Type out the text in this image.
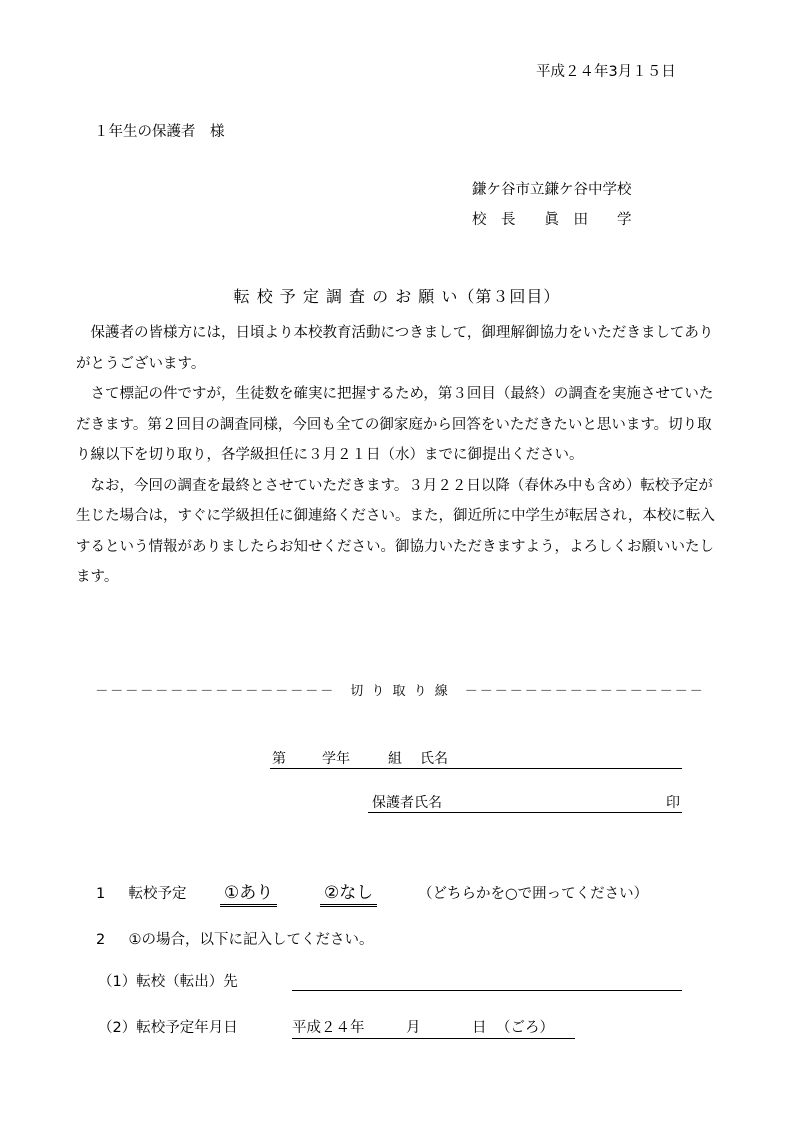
平成２４年3月１５日
１年生の保護者　様
鎌ケ谷市立鎌ケ谷中学校
校　長　　眞　田　　学
転 校 予 定 調 査 の お 願 い（第３回目）

保護者の皆様方には，日頃より本校教育活動につきまして，御理解御協力をいただきましてありがとうございます。

さて標記の件ですが，生徒数を確実に把握するため，第３回目（最終）の調査を実施させていただきます。第２回目の調査同様，今回も全ての御家庭から回答をいただきたいと思います。切り取り線以下を切り取り，各学級担任に３月２１日（水）までに御提出ください。

なお，今回の調査を最終とさせていただきます。３月２２日以降（春休み中も含め）転校予定が生じた場合は，すぐに学級担任に御連絡ください。また，御近所に中学生が転居され，本校に転入するという情報がありましたらお知せください。御協力いただきますよう，よろしくお願いいたします。

－－－－－－－－－－－－－－－－　切 り 取 り 線　－－－－－－－－－－－－－－－－
第	学年	組 氏名
保護者氏名	印
1 転校予定 ①あり	②なし	（どちらかを○で囲ってください）
2 ①の場合，以下に記入してください。
（1）転校（転出）先
（2）転校予定年月日	平成２４年	月	日 （ごろ）
